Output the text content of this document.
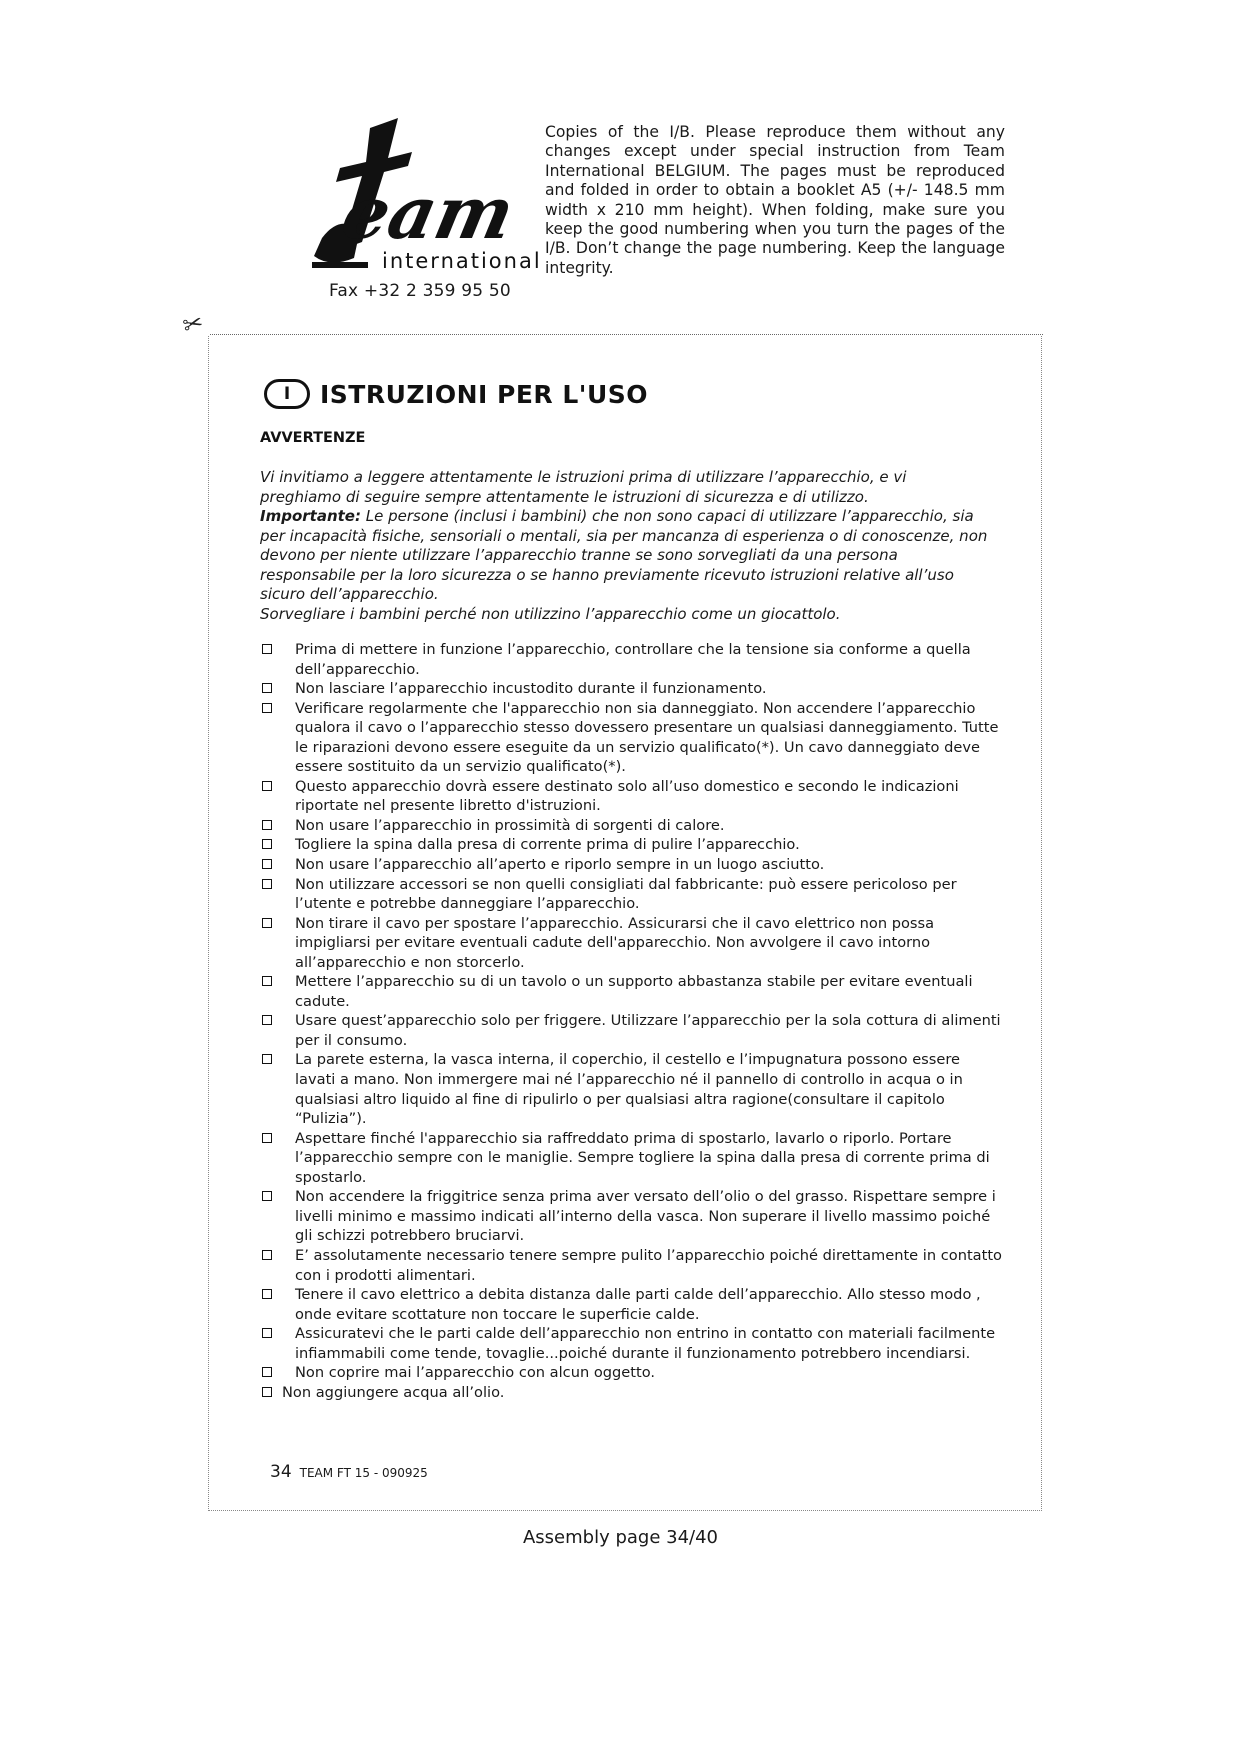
eam
international
Fax +32 2 359 95 50
Copies of the I/B. Please reproduce them without any changes except under special instruction from Team International BELGIUM. The pages must be reproduced and folded in order to obtain a booklet A5 (+/- 148.5 mm width x 210 mm height). When folding, make sure you keep the good numbering when you turn the pages of the I/B. Don’t change the page numbering. Keep the language integrity.
✂
I	ISTRUZIONI PER L'USO
AVVERTENZE

Vi invitiamo a leggere attentamente le istruzioni prima di utilizzare l’apparecchio, e vi preghiamo di seguire sempre attentamente le istruzioni di sicurezza e di utilizzo.

Importante: Le persone (inclusi i bambini) che non sono capaci di utilizzare l’apparecchio, sia per incapacità fisiche, sensoriali o mentali, sia per mancanza di esperienza o di conoscenze, non devono per niente utilizzare l’apparecchio tranne se sono sorvegliati da una persona responsabile per la loro sicurezza o se hanno previamente ricevuto istruzioni relative all’uso sicuro dell’apparecchio.

Sorvegliare i bambini perché non utilizzino l’apparecchio come un giocattolo.

Prima di mettere in funzione l’apparecchio, controllare che la tensione sia conforme a quella dell’apparecchio.
Non lasciare l’apparecchio incustodito durante il funzionamento.
Verificare regolarmente che l'apparecchio non sia danneggiato. Non accendere l’apparecchio qualora il cavo o l’apparecchio stesso dovessero presentare un qualsiasi danneggiamento. Tutte le riparazioni devono essere eseguite da un servizio qualificato(*). Un cavo danneggiato deve essere sostituito da un servizio qualificato(*).
Questo apparecchio dovrà essere destinato solo all’uso domestico e secondo le indicazioni riportate nel presente libretto d'istruzioni.
Non usare l’apparecchio in prossimità di sorgenti di calore.
Togliere la spina dalla presa di corrente prima di pulire l’apparecchio.
Non usare l’apparecchio all’aperto e riporlo sempre in un luogo asciutto.
Non utilizzare accessori se non quelli consigliati dal fabbricante: può essere pericoloso per l’utente e potrebbe danneggiare l’apparecchio.
Non tirare il cavo per spostare l’apparecchio. Assicurarsi che il cavo elettrico non possa impigliarsi per evitare eventuali cadute dell'apparecchio. Non avvolgere il cavo intorno all’apparecchio e non storcerlo.
Mettere l’apparecchio su di un tavolo o un supporto abbastanza stabile per evitare eventuali cadute.
Usare quest’apparecchio solo per friggere. Utilizzare l’apparecchio per la sola cottura di alimenti per il consumo.
La parete esterna, la vasca interna, il coperchio, il cestello e l’impugnatura possono essere lavati a mano. Non immergere mai né l’apparecchio né il pannello di controllo in acqua o in qualsiasi altro liquido al fine di ripulirlo o per qualsiasi altra ragione(consultare il capitolo “Pulizia”).
Aspettare finché l'apparecchio sia raffreddato prima di spostarlo, lavarlo o riporlo. Portare l’apparecchio sempre con le maniglie. Sempre togliere la spina dalla presa di corrente prima di spostarlo.
Non accendere la friggitrice senza prima aver versato dell’olio o del grasso. Rispettare sempre i livelli minimo e massimo indicati all’interno della vasca. Non superare il livello massimo poiché gli schizzi potrebbero bruciarvi.
E’ assolutamente necessario tenere sempre pulito l’apparecchio poiché direttamente in contatto con i prodotti alimentari.
Tenere il cavo elettrico a debita distanza dalle parti calde dell’apparecchio. Allo stesso modo , onde evitare scottature non toccare le superficie calde.
Assicuratevi che le parti calde dell’apparecchio non entrino in contatto con materiali facilmente infiammabili come tende, tovaglie...poiché durante il funzionamento potrebbero incendiarsi.
Non coprire mai l’apparecchio con alcun oggetto.
Non aggiungere acqua all’olio.
34 TEAM FT 15 - 090925
Assembly page 34/40
